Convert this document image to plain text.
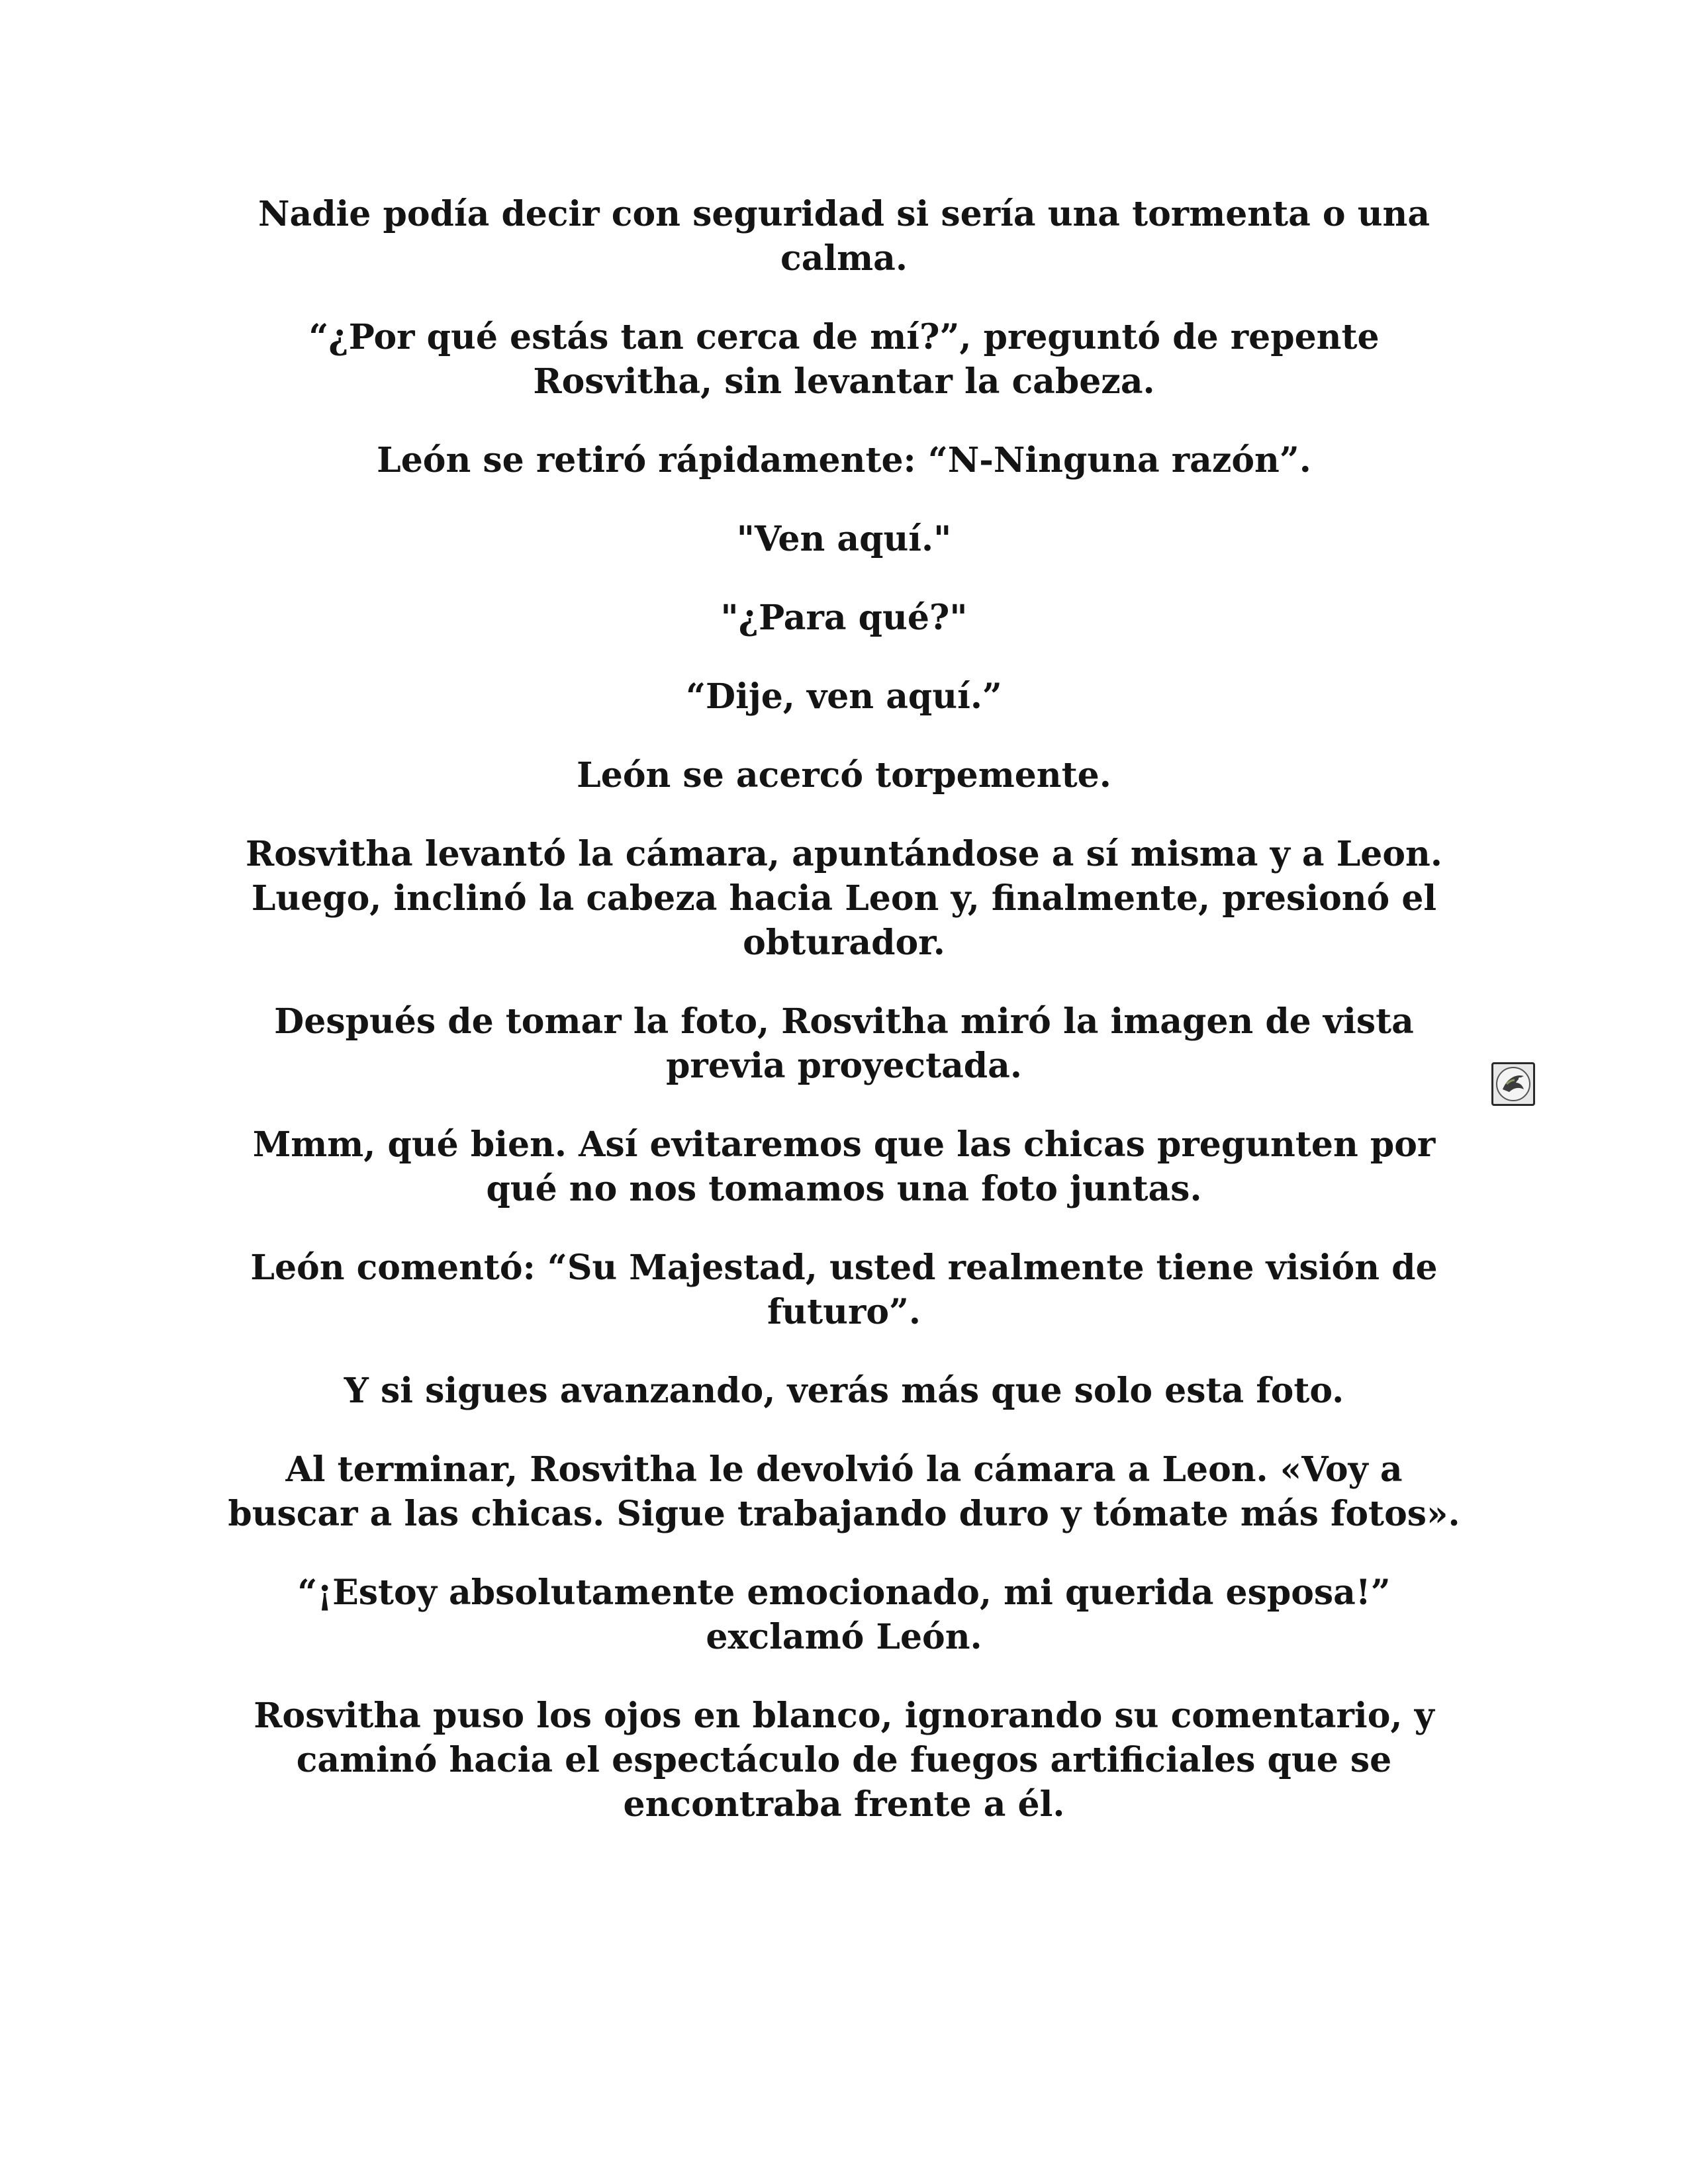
Nadie podía decir con seguridad si sería una tormenta o una calma.

“¿Por qué estás tan cerca de mí?”, preguntó de repente Rosvitha, sin levantar la cabeza.

León se retiró rápidamente: “N-Ninguna razón”.

"Ven aquí."

"¿Para qué?"

“Dije, ven aquí.”

León se acercó torpemente.

Rosvitha levantó la cámara, apuntándose a sí misma y a Leon. Luego, inclinó la cabeza hacia Leon y, finalmente, presionó el obturador.

Después de tomar la foto, Rosvitha miró la imagen de vista previa proyectada.

Mmm, qué bien. Así evitaremos que las chicas pregunten por qué no nos tomamos una foto juntas.

León comentó: “Su Majestad, usted realmente tiene visión de futuro”.

Y si sigues avanzando, verás más que solo esta foto.

Al terminar, Rosvitha le devolvió la cámara a Leon. «Voy a buscar a las chicas. Sigue trabajando duro y tómate más fotos».

“¡Estoy absolutamente emocionado, mi querida esposa!” exclamó León.

Rosvitha puso los ojos en blanco, ignorando su comentario, y caminó hacia el espectáculo de fuegos artificiales que se encontraba frente a él.
